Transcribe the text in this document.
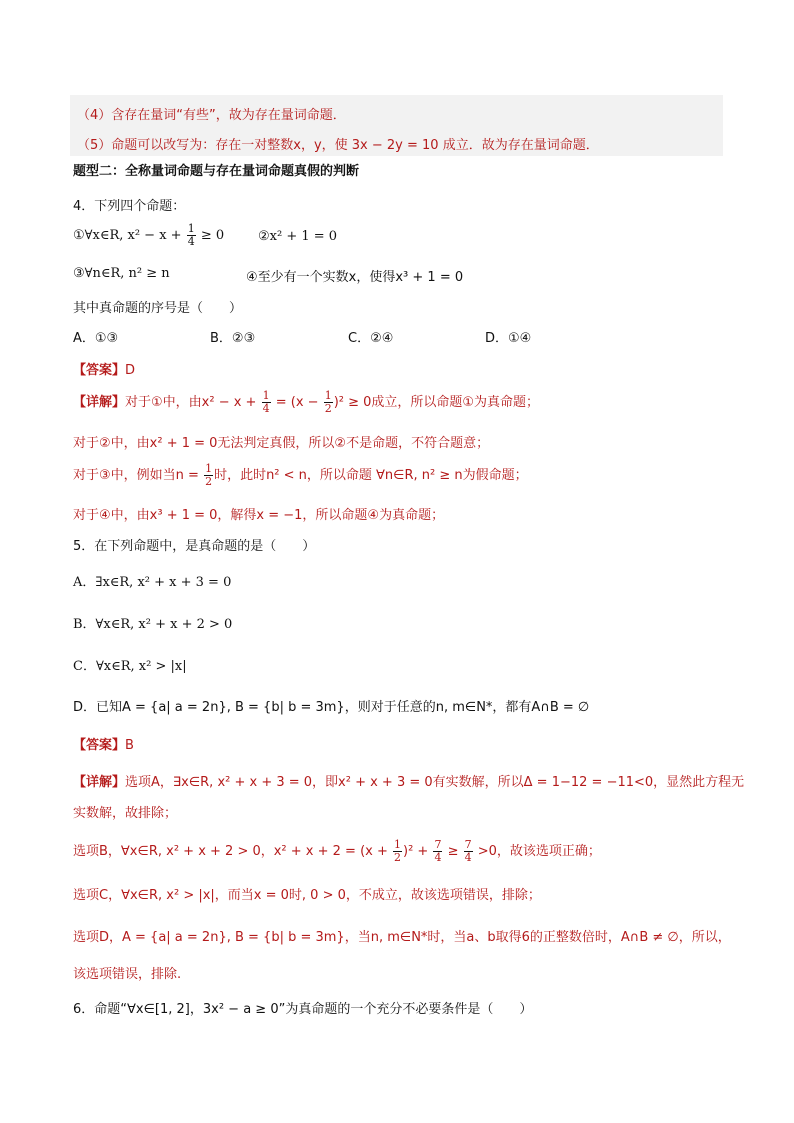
（4）含存在量词“有些”，故为存在量词命题．
（5）命题可以改写为：存在一对整数x，y，使 3x − 2y = 10 成立．故为存在量词命题．
题型二：全称量词命题与存在量词命题真假的判断
4．下列四个命题：
①∀x∈R, $x^2 - x + \frac{1}{4} \ge 0$	②x² + 1 = 0
③∀n∈R, n² ≥ n	④至少有一个实数x，使得x³ + 1 = 0
其中真命题的序号是（　　）
A．①③	B．②③	C．②④	D．①④
【答案】D
【详解】对于①中，由$x^2 - x + \frac{1}{4} = (x - \frac{1}{2} )^2 \ge 0$成立，所以命题①为真命题；
对于②中，由x² + 1 = 0无法判定真假，所以②不是命题，不符合题意；
对于③中，例如当$n = \frac{1}{2}$ 时，此时n² < n，所以命题 ∀n∈R, n² ≥ n为假命题；
对于④中，由x³ + 1 = 0，解得x = −1，所以命题④为真命题；
5．在下列命题中，是真命题的是（　　）
A．∃x∈R, x² + x + 3 = 0
B．∀x∈R, x² + x + 2 > 0
C．∀x∈R, x² > |x|
D．已知A = {a| a = 2n}, B = {b| b = 3m}，则对于任意的n, m∈N*，都有A∩B = ∅
【答案】B
【详解】选项A，∃x∈R, x² + x + 3 = 0，即x² + x + 3 = 0有实数解，所以Δ = 1−12 = −11<0，显然此方程无
实数解，故排除；
选项B，∀x∈R, x² + x + 2 > 0，$x^2 + x + 2 = (x + \frac{1}{2} )^2 + \frac{7}{4} \ge \frac{7}{4} >0$，故该选项正确；
选项C，∀x∈R, x² > |x|，而当x = 0时, 0 > 0，不成立，故该选项错误，排除；
选项D，A = {a| a = 2n}, B = {b| b = 3m}，当n, m∈N*时，当a、b取得6的正整数倍时，A∩B ≠ ∅，所以，
该选项错误，排除.
6．命题“∀x∈[1, 2]，3x² − a ≥ 0”为真命题的一个充分不必要条件是（　　）
